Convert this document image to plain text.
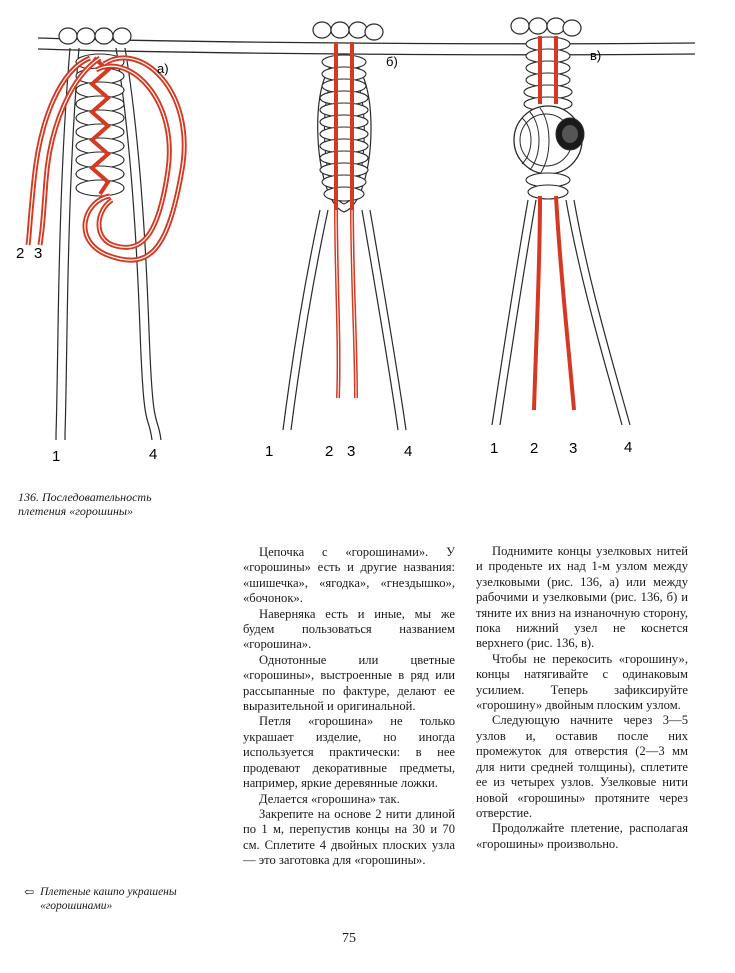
а)	б)	в)
2 3
1	4	1	2 3	4	1 2 3	4

136. Последовательность
плетения «горошины»

Цепочка с «горошинами». У «горошины» есть и другие названия: «шишечка», «ягодка», «гнездышко», «бочонок».

Наверняка есть и иные, мы же будем пользоваться названием «горошина».

Однотонные или цветные «горошины», выстроенные в ряд или рассыпанные по фактуре, делают ее выразительной и оригинальной.

Петля «горошина» не только украшает изделие, но иногда используется практически: в нее продевают декоративные предметы, например, яркие деревянные ложки.

Делается «горошина» так.

Закрепите на основе 2 нити длиной по 1 м, перепустив концы на 30 и 70 см. Сплетите 4 двойных плоских узла — это заготовка для «горошины».

Поднимите концы узелковых нитей и проденьте их над 1-м узлом между узелковыми (рис. 136, а) или между рабочими и узелковыми (рис. 136, б) и тяните их вниз на изнаночную сторону, пока нижний узел не коснется верхнего (рис. 136, в).

Чтобы не перекосить «горошину», концы натягивайте с одинаковым усилием. Теперь зафиксируйте «горошину» двойным плоским узлом.

Следующую начните через 3—5 узлов и, оставив после них промежуток для отверстия (2—3 мм для нити средней толщины), сплетите ее из четырех узлов. Узелковые нити новой «горошины» протяните через отверстие.

Продолжайте плетение, располагая «горошины» произвольно.

⇦ Плетеные кашпо украшены
«горошинами»

75
